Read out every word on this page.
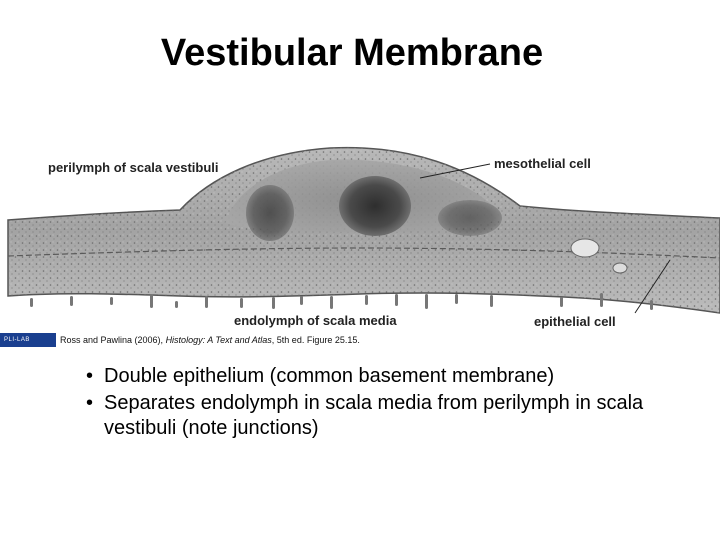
Vestibular Membrane
perilymph of scala vestibuli	mesothelial cell
endolymph of scala media	epithelial cell
PLI-LAB	Ross and Pawlina (2006), Histology: A Text and Atlas, 5th ed. Figure 25.15.
• Double epithelium (common basement membrane)
• Separates endolymph in scala media from perilymph in scala vestibuli (note junctions)
